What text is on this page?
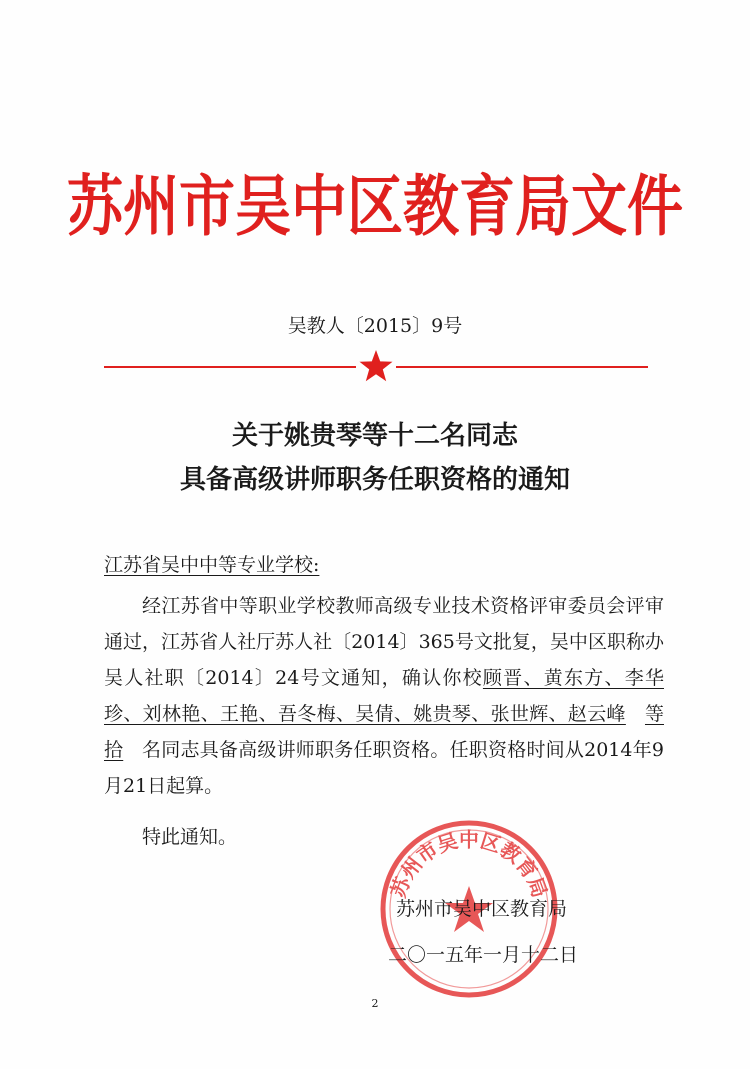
苏州市吴中区教育局文件
吴教人〔2015〕9号
关于姚贵琴等十二名同志
具备高级讲师职务任职资格的通知
江苏省吴中中等专业学校:

经江苏省中等职业学校教师高级专业技术资格评审委员会评审通过，江苏省人社厅苏人社〔2014〕365号文批复，吴中区职称办吴人社职〔2014〕24号文通知，确认你校顾晋、黄东方、李华珍、刘林艳、王艳、吾冬梅、吴倩、姚贵琴、张世辉、赵云峰 等拾 名同志具备高级讲师职务任职资格。任职资格时间从2014年9月21日起算。

特此通知。
苏州市吴中区教育局
苏州市吴中区教育局
二〇一五年一月十二日
2
